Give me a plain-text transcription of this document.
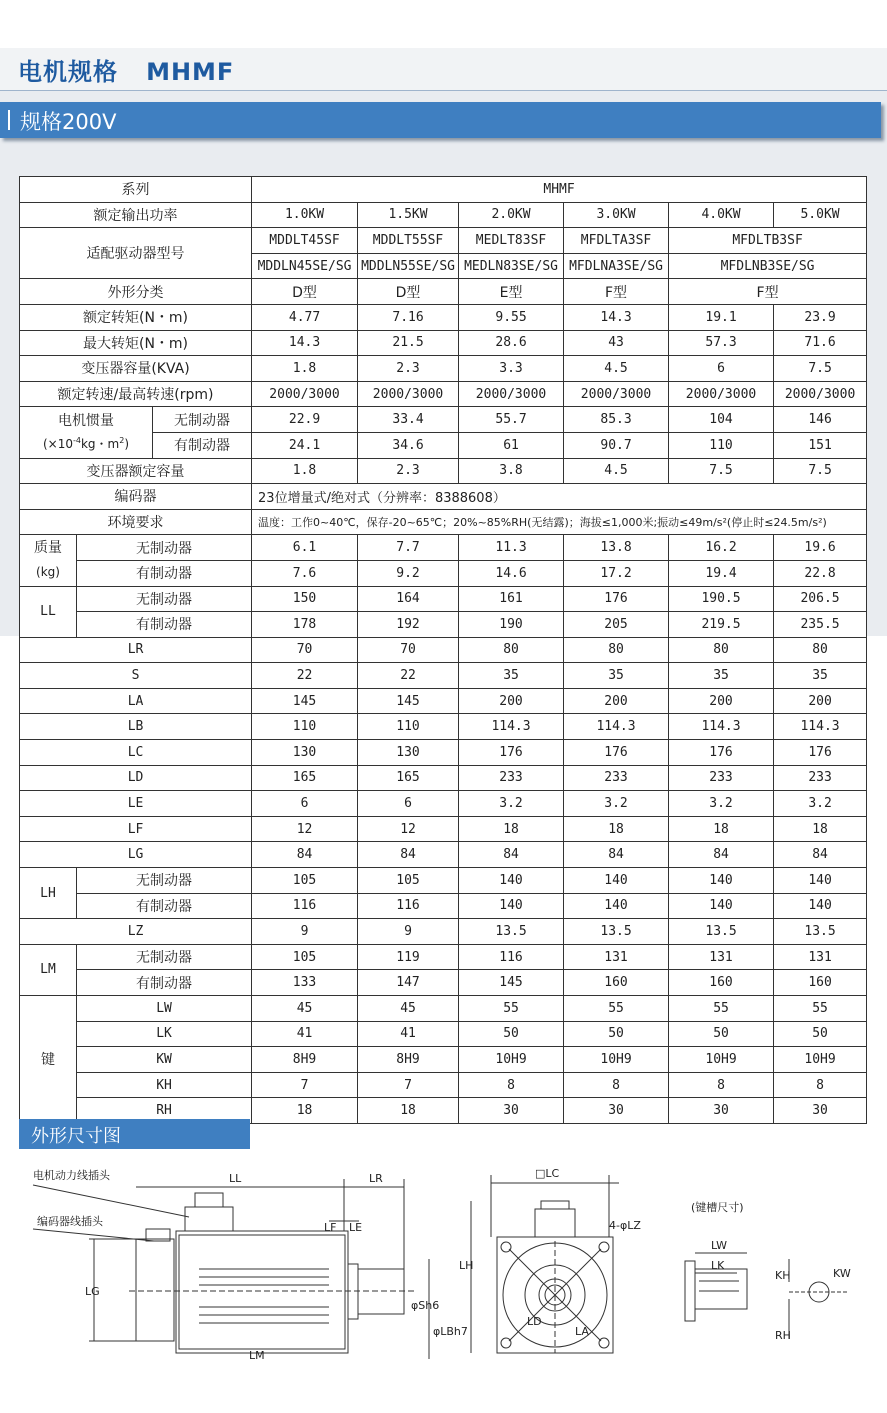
电机规格 MHMF
规格200V
系列			MHMF					
额定输出功率			1.0KW	1.5KW	2.0KW	3.0KW	4.0KW	5.0KW
适配驱动器型号			MDDLT45SF	MDDLT55SF	MEDLT83SF	MFDLTA3SF	MFDLTB3SF	
			MDDLN45SE/SG	MDDLN55SE/SG	MEDLN83SE/SG	MFDLNA3SE/SG	MFDLNB3SE/SG	
外形分类			D型	D型	E型	F型	F型	
额定转矩(N・m)			4.77	7.16	9.55	14.3	19.1	23.9
最大转矩(N・m)			14.3	21.5	28.6	43	57.3	71.6
变压器容量(KVA)			1.8	2.3	3.3	4.5	6	7.5
额定转速/最高转速(rpm)			2000/3000	2000/3000	2000/3000	2000/3000	2000/3000	2000/3000
电机惯量
($\times 10^{-4}kg$・$m^2$)		无制动器	22.9	33.4	55.7	85.3	104	146
		有制动器	24.1	34.6	61	90.7	110	151
变压器额定容量			1.8	2.3	3.8	4.5	7.5	7.5
编码器			23位增量式/绝对式（分辨率：8388608）					
环境要求			温度：工作0~40℃，保存-20~65℃；20%~85%RH(无结露)；海拔≤1,000米;振动≤49m/s²(停止时≤24.5m/s²)					
质量
(kg)	无制动器		6.1	7.7	11.3	13.8	16.2	19.6
	有制动器		7.6	9.2	14.6	17.2	19.4	22.8
LL	无制动器		150	164	161	176	190.5	206.5
	有制动器		178	192	190	205	219.5	235.5
LR			70	70	80	80	80	80
S			22	22	35	35	35	35
LA			145	145	200	200	200	200
LB			110	110	114.3	114.3	114.3	114.3
LC			130	130	176	176	176	176
LD			165	165	233	233	233	233
LE			6	6	3.2	3.2	3.2	3.2
LF			12	12	18	18	18	18
LG			84	84	84	84	84	84
LH	无制动器		105	105	140	140	140	140
	有制动器		116	116	140	140	140	140
LZ			9	9	13.5	13.5	13.5	13.5
LM	无制动器		105	119	116	131	131	131
	有制动器		133	147	145	160	160	160
键	LW		45	45	55	55	55	55
	LK		41	41	50	50	50	50
	KW		8H9	8H9	10H9	10H9	10H9	10H9
	KH		7	7	8	8	8	8
	RH		18	18	30	30	30	30
外形尺寸图
电机动力线插头
编码器线插头
LL	LR
LF LE
LG
LM
φSh6
φLBh7
□LC
LH
4-φLZ
LD
LA
(键槽尺寸)
LW
LK
KW
KH
RH
